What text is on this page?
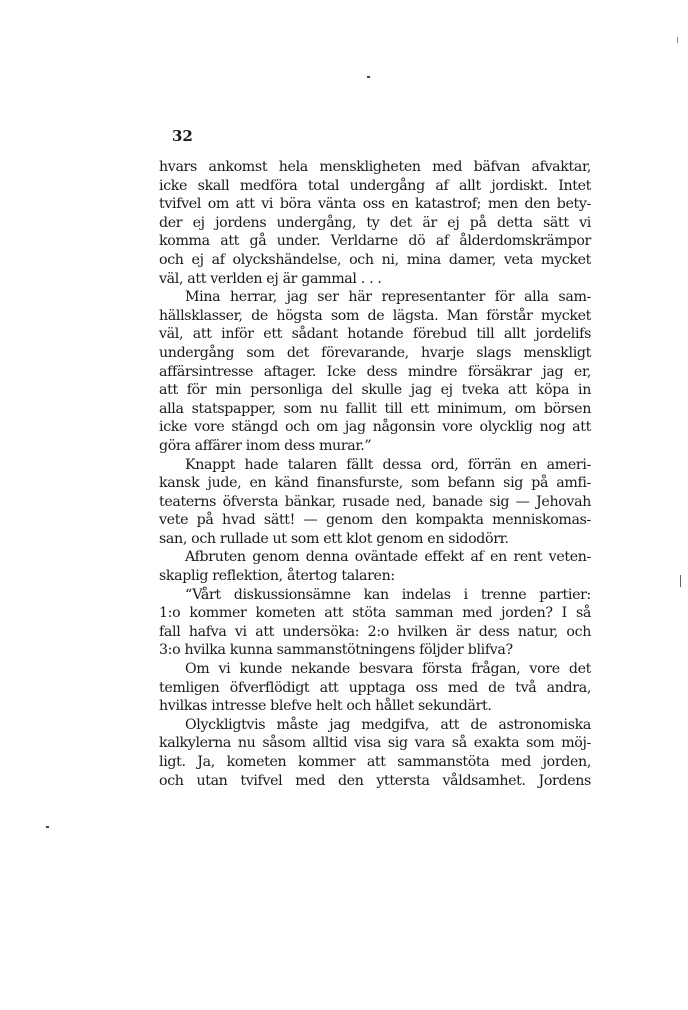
32
hvars ankomst hela menskligheten med bäfvan afvaktar,
icke skall medföra total undergång af allt jordiskt. Intet
tvifvel om att vi böra vänta oss en katastrof; men den bety-
der ej jordens undergång, ty det är ej på detta sätt vi
komma att gå under. Verldarne dö af ålderdomskrämpor
och ej af olyckshändelse, och ni, mina damer, veta mycket
väl, att verlden ej är gammal . . .
Mina herrar, jag ser här representanter för alla sam-
hällsklasser, de högsta som de lägsta. Man förstår mycket
väl, att inför ett sådant hotande förebud till allt jordelifs
undergång som det förevarande, hvarje slags menskligt
affärsintresse aftager. Icke dess mindre försäkrar jag er,
att för min personliga del skulle jag ej tveka att köpa in
alla statspapper, som nu fallit till ett minimum, om börsen
icke vore stängd och om jag någonsin vore olycklig nog att
göra affärer inom dess murar.”
Knappt hade talaren fällt dessa ord, förrän en ameri-
kansk jude, en känd finansfurste, som befann sig på amfi-
teaterns öfversta bänkar, rusade ned, banade sig — Jehovah
vete på hvad sätt! — genom den kompakta menniskomas-
san, och rullade ut som ett klot genom en sidodörr.
Afbruten genom denna oväntade effekt af en rent veten-
skaplig reflektion, återtog talaren:
“Vårt diskussionsämne kan indelas i trenne partier:
1:o kommer kometen att stöta samman med jorden? I så
fall hafva vi att undersöka: 2:o hvilken är dess natur, och
3:o hvilka kunna sammanstötningens följder blifva?
Om vi kunde nekande besvara första frågan, vore det
temligen öfverflödigt att upptaga oss med de två andra,
hvilkas intresse blefve helt och hållet sekundärt.
Olyckligtvis måste jag medgifva, att de astronomiska
kalkylerna nu såsom alltid visa sig vara så exakta som möj-
ligt. Ja, kometen kommer att sammanstöta med jorden,
och utan tvifvel med den yttersta våldsamhet. Jordens
